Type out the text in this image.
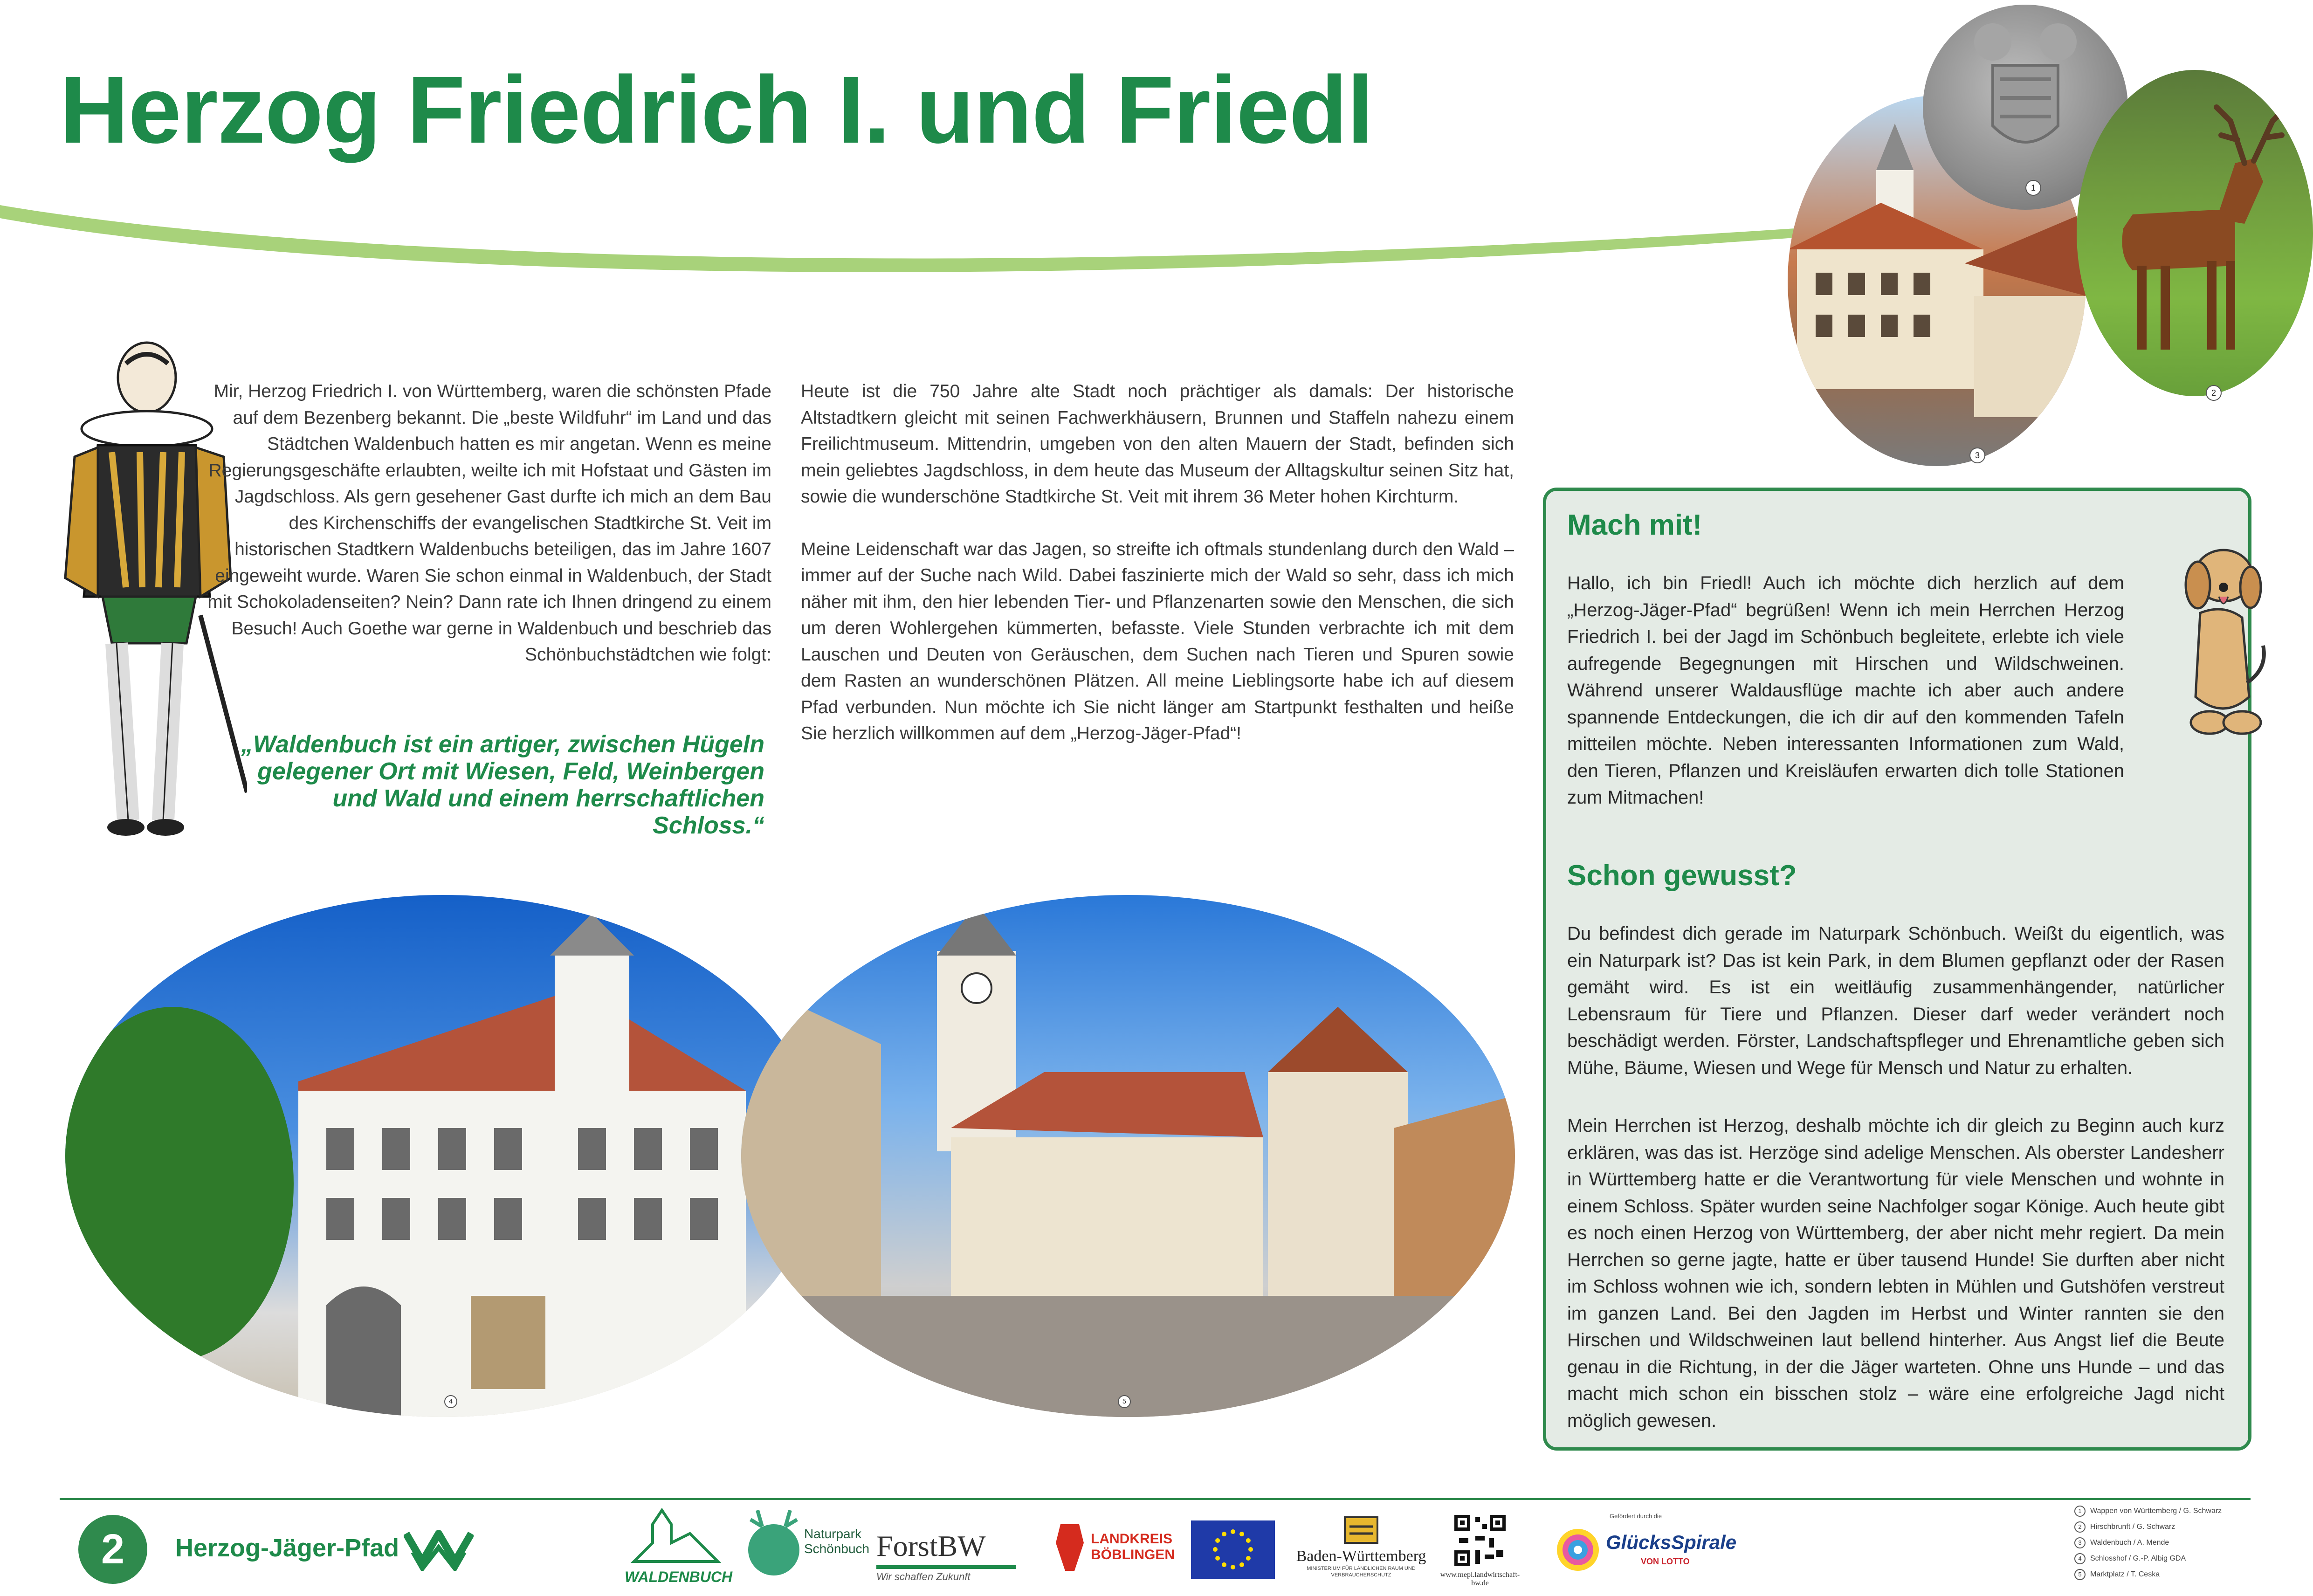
Herzog Friedrich I. und Friedl
1
2
3
Mir, Herzog Friedrich I. von Württemberg, waren die schönsten Pfade auf dem Bezenberg bekannt. Die „beste Wildfuhr“ im Land und das Städtchen Waldenbuch hatten es mir angetan. Wenn es meine Regierungsgeschäfte erlaubten, weilte ich mit Hofstaat und Gästen im Jagdschloss. Als gern gesehener Gast durfte ich mich an dem Bau des Kirchenschiffs der evangelischen Stadtkirche St. Veit im historischen Stadtkern Waldenbuchs beteiligen, das im Jahre 1607 eingeweiht wurde. Waren Sie schon einmal in Waldenbuch, der Stadt mit Schokoladenseiten? Nein? Dann rate ich Ihnen dringend zu einem Besuch! Auch Goethe war gerne in Waldenbuch und beschrieb das Schönbuchstädtchen wie folgt:
„Waldenbuch ist ein artiger, zwischen Hügeln gelegener Ort mit Wiesen, Feld, Weinbergen und Wald und einem herrschaftlichen Schloss.“

Heute ist die 750 Jahre alte Stadt noch prächtiger als damals: Der historische Altstadtkern gleicht mit seinen Fachwerkhäusern, Brunnen und Staffeln nahezu einem Freilichtmuseum. Mittendrin, umgeben von den alten Mauern der Stadt, befinden sich mein geliebtes Jagdschloss, in dem heute das Museum der Alltagskultur seinen Sitz hat, sowie die wunderschöne Stadtkirche St. Veit mit ihrem 36 Meter hohen Kirchturm.

Meine Leidenschaft war das Jagen, so streifte ich oftmals stundenlang durch den Wald – immer auf der Suche nach Wild. Dabei faszinierte mich der Wald so sehr, dass ich mich näher mit ihm, den hier lebenden Tier- und Pflanzenarten sowie den Menschen, die sich um deren Wohlergehen kümmerten, befasste. Viele Stunden verbrachte ich mit dem Lauschen und Deuten von Geräuschen, dem Suchen nach Tieren und Spuren sowie dem Rasten an wunderschönen Plätzen. All meine Lieblingsorte habe ich auf diesem Pfad verbunden. Nun möchte ich Sie nicht länger am Startpunkt festhalten und heiße Sie herzlich willkommen auf dem „Herzog-Jäger-Pfad“!

4	5
Mach mit!
Hallo, ich bin Friedl! Auch ich möchte dich herzlich auf dem „Herzog-Jäger-Pfad“ begrüßen! Wenn ich mein Herrchen Herzog Friedrich I. bei der Jagd im Schönbuch begleitete, erlebte ich viele aufregende Begegnungen mit Hirschen und Wildschweinen. Während unserer Waldausflüge machte ich aber auch andere spannende Entdeckungen, die ich dir auf den kommenden Tafeln mitteilen möchte. Neben interessanten Informationen zum Wald, den Tieren, Pflanzen und Kreisläufen erwarten dich tolle Stationen zum Mitmachen!
Schon gewusst?
Du befindest dich gerade im Naturpark Schönbuch. Weißt du eigentlich, was ein Naturpark ist? Das ist kein Park, in dem Blumen gepflanzt oder der Rasen gemäht wird. Es ist ein weitläufig zusammenhängender, natürlicher Lebensraum für Tiere und Pflanzen. Dieser darf weder verändert noch beschädigt werden. Förster, Landschaftspfleger und Ehrenamtliche geben sich Mühe, Bäume, Wiesen und Wege für Mensch und Natur zu erhalten.
Mein Herrchen ist Herzog, deshalb möchte ich dir gleich zu Beginn auch kurz erklären, was das ist. Herzöge sind adelige Menschen. Als oberster Landesherr in Württemberg hatte er die Verantwortung für viele Menschen und wohnte in einem Schloss. Später wurden seine Nachfolger sogar Könige. Auch heute gibt es noch einen Herzog von Württemberg, der aber nicht mehr regiert. Da mein Herrchen so gerne jagte, hatte er über tausend Hunde! Sie durften aber nicht im Schloss wohnen wie ich, sondern lebten in Mühlen und Gutshöfen verstreut im ganzen Land. Bei den Jagden im Herbst und Winter rannten sie den Hirschen und Wildschweinen laut bellend hinterher. Aus Angst lief die Beute genau in die Richtung, in der die Jäger warteten. Ohne uns Hunde – und das macht mich schon ein bisschen stolz – wäre eine erfolgreiche Jagd nicht möglich gewesen.
2	Herzog-Jäger-Pfad
WALDENBUCH
Naturpark Schönbuch ForstBW
Wir schaffen Zukunft
LANDKREIS BÖBLINGEN	Baden-Württemberg
MINISTERIUM FÜR LÄNDLICHEN RAUM UND VERBRAUCHERSCHUTZ	www.mepl.landwirtschaft-bw.de
Gefördert durch die
GlücksSpirale
VON LOTTO
1 Wappen von Württemberg / G. Schwarz
2 Hirschbrunft / G. Schwarz
3 Waldenbuch / A. Mende
4 Schlosshof / G.-P. Albig GDA
5 Marktplatz / T. Ceska
